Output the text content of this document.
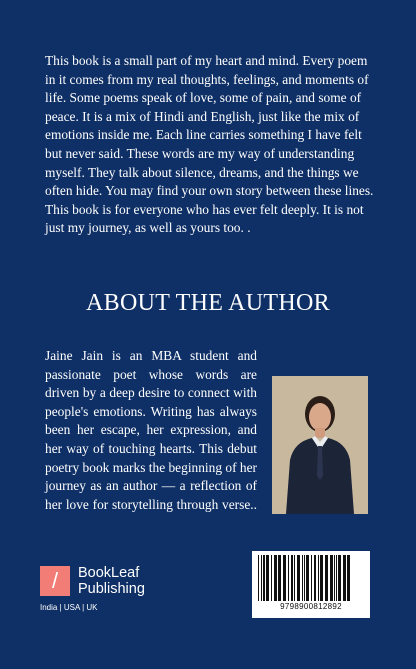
This book is a small part of my heart and mind. Every poem in it comes from my real thoughts, feelings, and moments of life. Some poems speak of love, some of pain, and some of peace. It is a mix of Hindi and English, just like the mix of emotions inside me. Each line carries something I have felt but never said. These words are my way of understanding myself. They talk about silence, dreams, and the things we often hide. You may find your own story between these lines. This book is for everyone who has ever felt deeply. It is not just my journey, as well as yours too. .

ABOUT THE AUTHOR

Jaine Jain is an MBA student and passionate poet whose words are driven by a deep desire to connect with people's emotions. Writing has always been her escape, her expression, and her way of touching hearts. This debut poetry book marks the beginning of her journey as an author — a reflection of her love for storytelling through verse..

/	BookLeaf
Publishing
India | USA | UK	9798900812892
